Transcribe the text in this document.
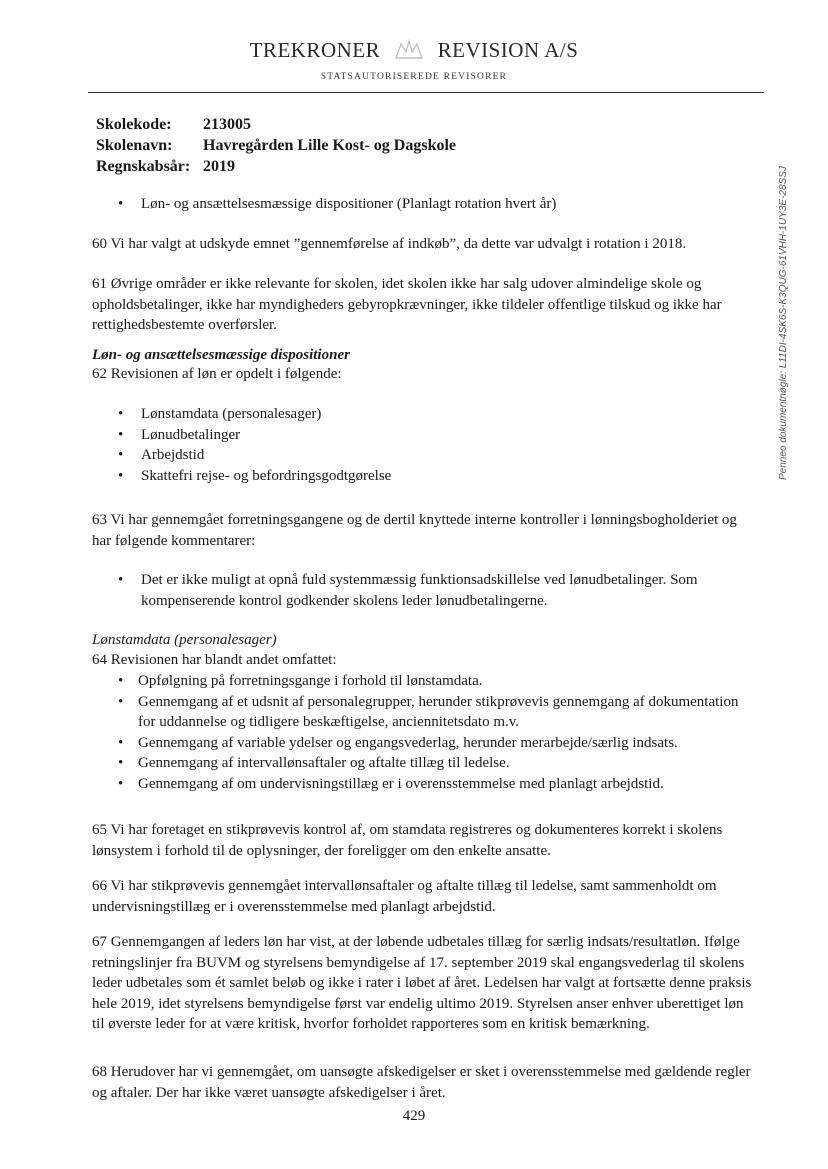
TREKRONER	REVISION A/S
STATSAUTORISEREDE REVISORER
Skolekode:	213005
Skolenavn:	Havregården Lille Kost- og Dagskole
Regnskabsår: 2019
• Løn- og ansættelsesmæssige dispositioner (Planlagt rotation hvert år)

60 Vi har valgt at udskyde emnet ”gennemførelse af indkøb”, da dette var udvalgt i rotation i 2018.

61 Øvrige områder er ikke relevante for skolen, idet skolen ikke har salg udover almindelige skole og opholdsbetalinger, ikke har myndigheders gebyropkrævninger, ikke tildeler offentlige tilskud og ikke har rettighedsbestemte overførsler.

Løn- og ansættelsesmæssige dispositioner

62 Revisionen af løn er opdelt i følgende:

• Lønstamdata (personalesager)
• Lønudbetalinger
• Arbejdstid
• Skattefri rejse- og befordringsgodtgørelse

63 Vi har gennemgået forretningsgangene og de dertil knyttede interne kontroller i lønningsbogholderiet og har følgende kommentarer:

• Det er ikke muligt at opnå fuld systemmæssig funktionsadskillelse ved lønudbetalinger. Som kompenserende kontrol godkender skolens leder lønudbetalingerne.
Lønstamdata (personalesager)

64 Revisionen har blandt andet omfattet:

• Opfølgning på forretningsgange i forhold til lønstamdata.
• Gennemgang af et udsnit af personalegrupper, herunder stikprøvevis gennemgang af dokumentation for uddannelse og tidligere beskæftigelse, anciennitetsdato m.v.
• Gennemgang af variable ydelser og engangsvederlag, herunder merarbejde/særlig indsats.
• Gennemgang af intervallønsaftaler og aftalte tillæg til ledelse.
• Gennemgang af om undervisningstillæg er i overensstemmelse med planlagt arbejdstid.

65 Vi har foretaget en stikprøvevis kontrol af, om stamdata registreres og dokumenteres korrekt i skolens lønsystem i forhold til de oplysninger, der foreligger om den enkelte ansatte.

66 Vi har stikprøvevis gennemgået intervallønsaftaler og aftalte tillæg til ledelse, samt sammenholdt om undervisningstillæg er i overensstemmelse med planlagt arbejdstid.

67 Gennemgangen af leders løn har vist, at der løbende udbetales tillæg for særlig indsats/resultatløn. Ifølge retningslinjer fra BUVM og styrelsens bemyndigelse af 17. september 2019 skal engangsvederlag til skolens leder udbetales som ét samlet beløb og ikke i rater i løbet af året. Ledelsen har valgt at fortsætte denne praksis hele 2019, idet styrelsens bemyndigelse først var endelig ultimo 2019. Styrelsen anser enhver uberettiget løn til øverste leder for at være kritisk, hvorfor forholdet rapporteres som en kritisk bemærkning.

68 Herudover har vi gennemgået, om uansøgte afskedigelser er sket i overensstemmelse med gældende regler og aftaler. Der har ikke været uansøgte afskedigelser i året.

429
Penneo dokumentnøgle: L11DI-4SK6S-K3QUG-61VHH-1UY3E-28SSJ
